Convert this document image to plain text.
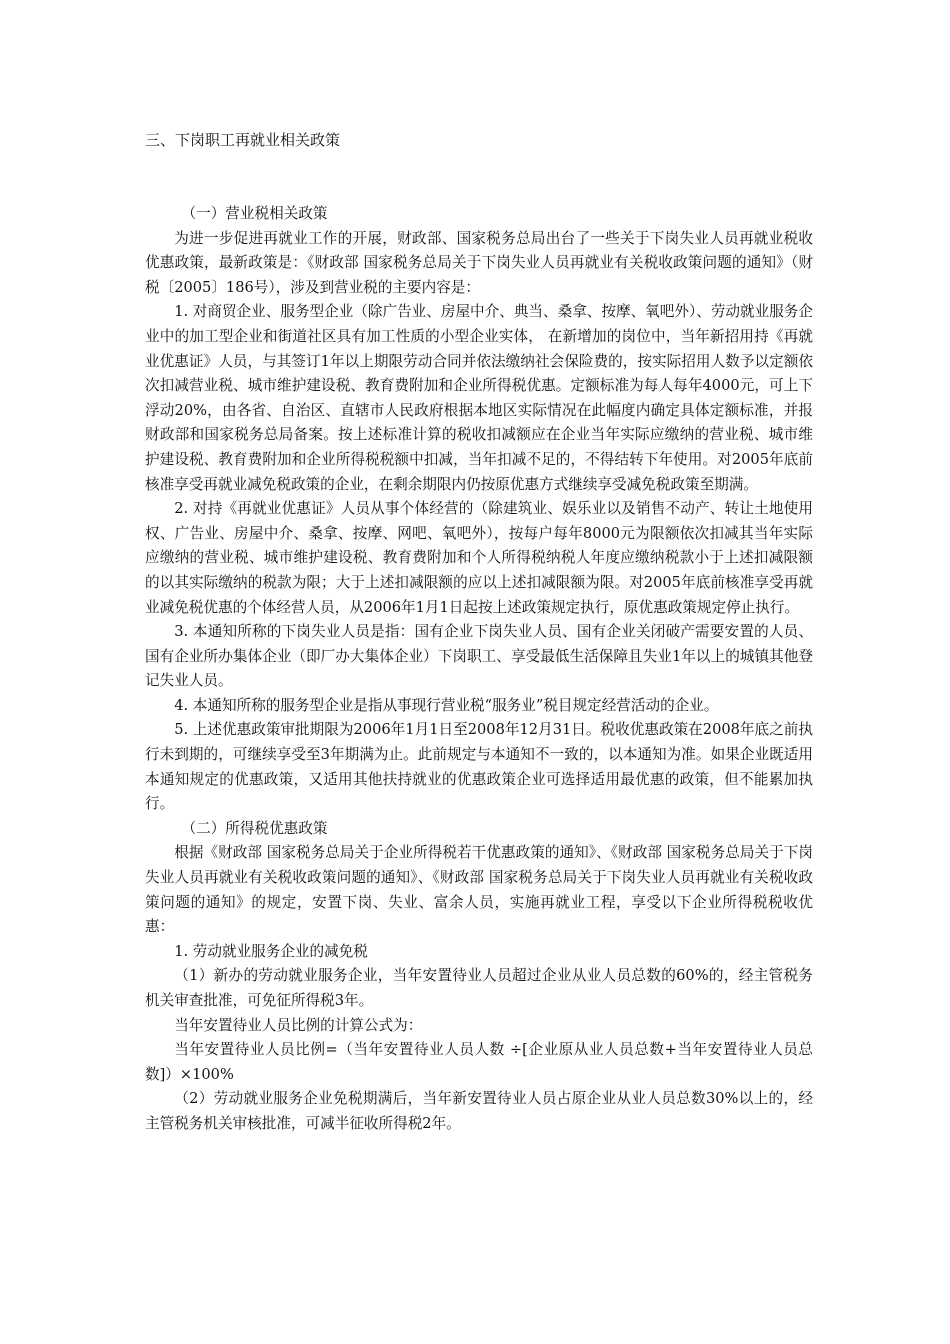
三、下岗职工再就业相关政策

（一）营业税相关政策

为进一步促进再就业工作的开展，财政部、国家税务总局出台了一些关于下岗失业人员再就业税收优惠政策，最新政策是：《财政部 国家税务总局关于下岗失业人员再就业有关税收政策问题的通知》（财税〔2005〕186号），涉及到营业税的主要内容是：

1. 对商贸企业、服务型企业（除广告业、房屋中介、典当、桑拿、按摩、氧吧外）、劳动就业服务企业中的加工型企业和街道社区具有加工性质的小型企业实体， 在新增加的岗位中，当年新招用持《再就业优惠证》人员，与其签订1年以上期限劳动合同并依法缴纳社会保险费的，按实际招用人数予以定额依次扣减营业税、城市维护建设税、教育费附加和企业所得税优惠。定额标准为每人每年4000元，可上下浮动20%，由各省、自治区、直辖市人民政府根据本地区实际情况在此幅度内确定具体定额标准，并报财政部和国家税务总局备案。按上述标准计算的税收扣减额应在企业当年实际应缴纳的营业税、城市维护建设税、教育费附加和企业所得税税额中扣减，当年扣减不足的，不得结转下年使用。对2005年底前核准享受再就业减免税政策的企业，在剩余期限内仍按原优惠方式继续享受减免税政策至期满。

2. 对持《再就业优惠证》人员从事个体经营的（除建筑业、娱乐业以及销售不动产、转让土地使用权、广告业、房屋中介、桑拿、按摩、网吧、氧吧外），按每户每年8000元为限额依次扣减其当年实际应缴纳的营业税、城市维护建设税、教育费附加和个人所得税纳税人年度应缴纳税款小于上述扣减限额的以其实际缴纳的税款为限；大于上述扣减限额的应以上述扣减限额为限。对2005年底前核准享受再就业减免税优惠的个体经营人员，从2006年1月1日起按上述政策规定执行，原优惠政策规定停止执行。

3. 本通知所称的下岗失业人员是指：国有企业下岗失业人员、国有企业关闭破产需要安置的人员、国有企业所办集体企业（即厂办大集体企业）下岗职工、享受最低生活保障且失业1年以上的城镇其他登记失业人员。

4. 本通知所称的服务型企业是指从事现行营业税“服务业”税目规定经营活动的企业。

5. 上述优惠政策审批期限为2006年1月1日至2008年12月31日。税收优惠政策在2008年底之前执行未到期的，可继续享受至3年期满为止。此前规定与本通知不一致的，以本通知为准。如果企业既适用本通知规定的优惠政策，又适用其他扶持就业的优惠政策企业可选择适用最优惠的政策，但不能累加执行。

（二）所得税优惠政策

根据《财政部 国家税务总局关于企业所得税若干优惠政策的通知》、《财政部 国家税务总局关于下岗失业人员再就业有关税收政策问题的通知》、《财政部 国家税务总局关于下岗失业人员再就业有关税收政策问题的通知》的规定，安置下岗、失业、富余人员，实施再就业工程，享受以下企业所得税税收优惠：

1. 劳动就业服务企业的减免税

（1）新办的劳动就业服务企业，当年安置待业人员超过企业从业人员总数的60%的，经主管税务机关审查批准，可免征所得税3年。

当年安置待业人员比例的计算公式为：

当年安置待业人员比例=（当年安置待业人员人数 ÷[企业原从业人员总数+当年安置待业人员总数]）×100%

（2）劳动就业服务企业免税期满后，当年新安置待业人员占原企业从业人员总数30%以上的，经主管税务机关审核批准，可减半征收所得税2年。
